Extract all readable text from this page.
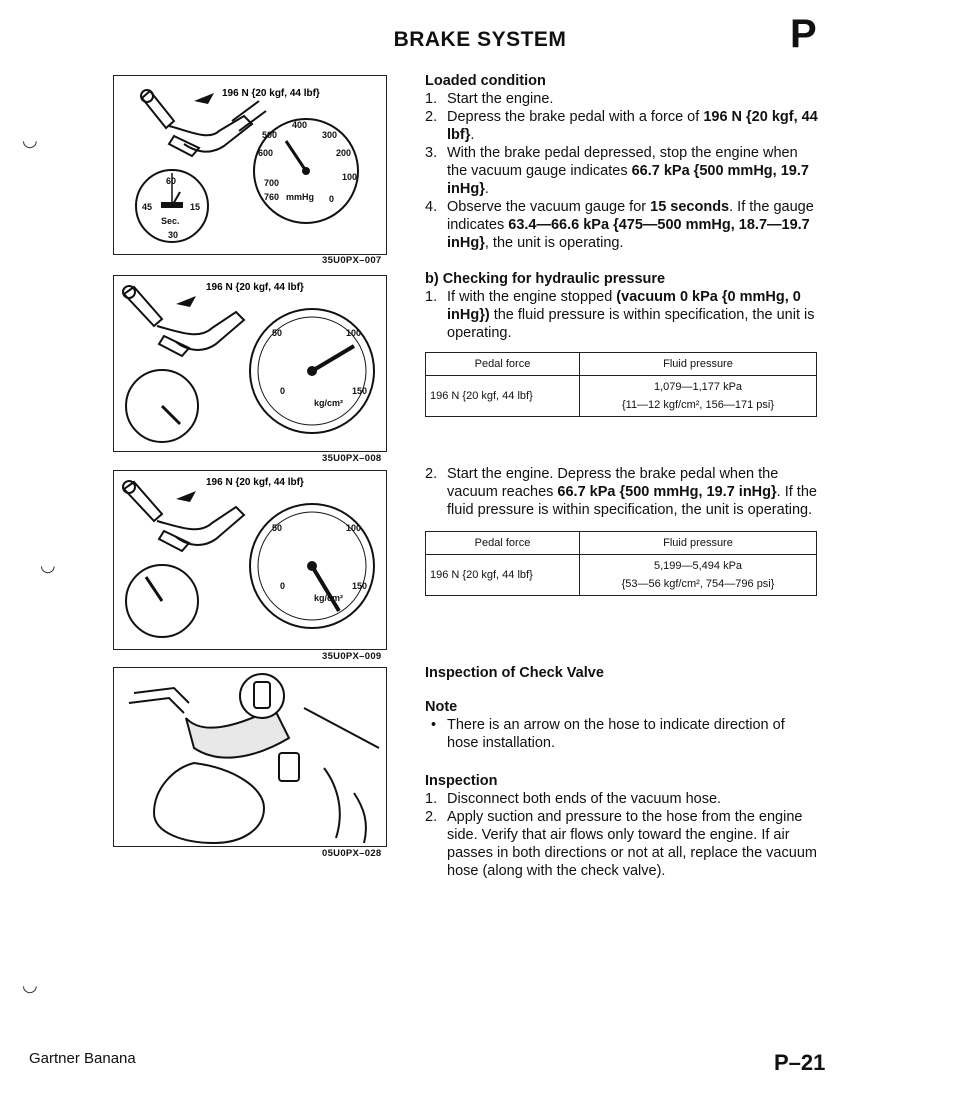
BRAKE SYSTEM	P
◡
◡
◡
196 N {20 kgf, 44 lbf}
400
300
500
200
600
100
700
0
760 mmHg
60
45	15
30
Sec.
35U0PX–007
196 N {20 kgf, 44 lbf}
50	100
0	150
kg/cm²
35U0PX–008
196 N {20 kgf, 44 lbf}
50	100
0	150
kg/cm²
35U0PX–009
05U0PX–028
Loaded condition
1. Start the engine.
2. Depress the brake pedal with a force of 196 N {20 kgf, 44 lbf}.
3. With the brake pedal depressed, stop the engine when the vacuum gauge indicates 66.7 kPa {500 mmHg, 19.7 inHg}.
4. Observe the vacuum gauge for 15 seconds. If the gauge indicates 63.4—66.6 kPa {475—500 mmHg, 18.7—19.7 inHg}, the unit is operating.
b) Checking for hydraulic pressure
1. If with the engine stopped (vacuum 0 kPa {0 mmHg, 0 inHg}) the fluid pressure is within specification, the unit is operating.
Pedal force	Fluid pressure
196 N {20 kgf, 44 lbf}	1,079—1,177 kPa
{11—12 kgf/cm², 156—171 psi}
2. Start the engine. Depress the brake pedal when the vacuum reaches 66.7 kPa {500 mmHg, 19.7 inHg}. If the fluid pressure is within specification, the unit is operating.
Pedal force	Fluid pressure
196 N {20 kgf, 44 lbf}	5,199—5,494 kPa
{53—56 kgf/cm², 754—796 psi}
Inspection of Check Valve
Note
• There is an arrow on the hose to indicate direction of hose installation.
Inspection
1. Disconnect both ends of the vacuum hose.
2. Apply suction and pressure to the hose from the engine side. Verify that air flows only toward the engine. If air passes in both directions or not at all, replace the vacuum hose (along with the check valve).
Gartner Banana	P–21
